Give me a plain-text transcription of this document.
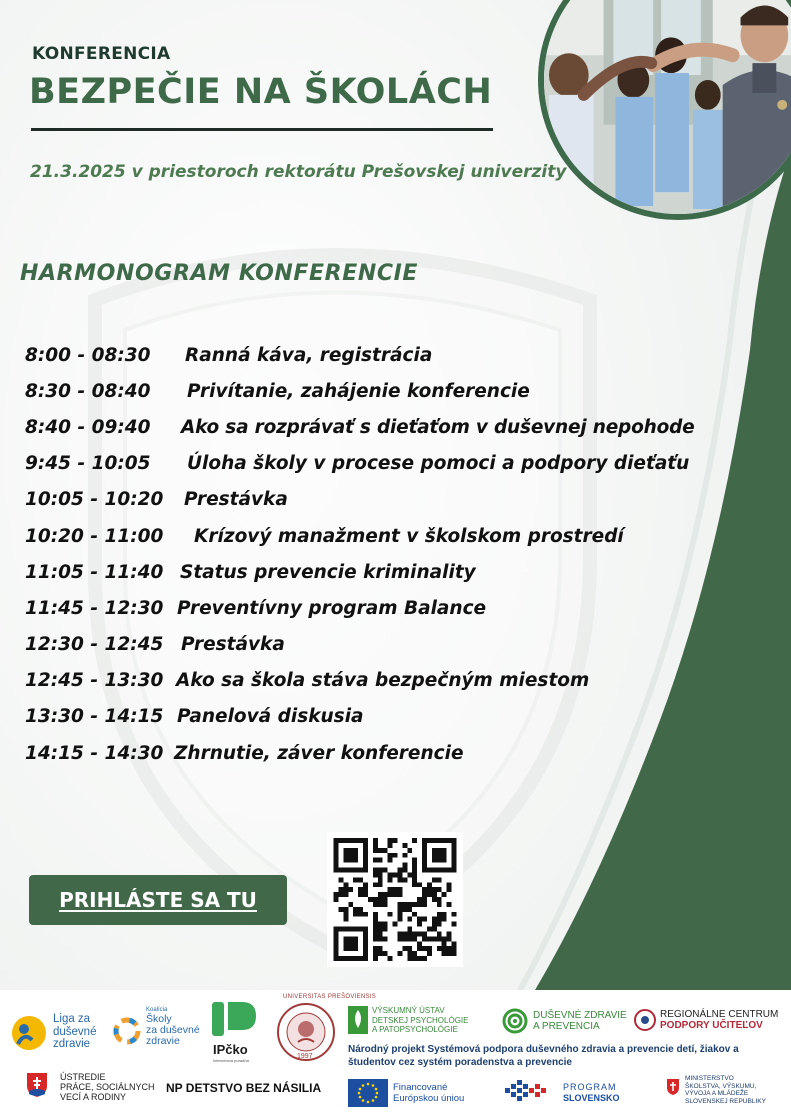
KONFERENCIA
BEZPEČIE NA ŠKOLÁCH
21.3.2025 v priestoroch rektorátu Prešovskej univerzity
HARMONOGRAM KONFERENCIE
8:00 - 08:30	Ranná káva, registrácia
8:30 - 08:40	Privítanie, zahájenie konferencie
8:40 - 09:40	Ako sa rozprávať s dieťaťom v duševnej nepohode
9:45 - 10:05	Úloha školy v procese pomoci a podpory dieťaťu
10:05 - 10:20	Prestávka
10:20 - 11:00	Krízový manažment v školskom prostredí
11:05 - 11:40 Status prevencie kriminality
11:45 - 12:30 Preventívny program Balance
12:30 - 12:45 Prestávka
12:45 - 13:30 Ako sa škola stáva bezpečným miestom
13:30 - 14:15 Panelová diskusia
14:15 - 14:30 Zhrnutie, záver konferencie
PRIHLÁSTE SA TU
Liga za
duševné
zdravie
Koalícia
Školy
za duševné
zdravie
IPčko
Internetová poradňa
UNIVERSITAS PREŠOVIENSIS
1997
VÝSKUMNÝ ÚSTAV
DETSKEJ PSYCHOLÓGIE
A PATOPSYCHOLÓGIE
DUŠEVNÉ ZDRAVIE
A PREVENCIA
REGIONÁLNE CENTRUM
PODPORY UČITEĽOV
Národný projekt Systémová podpora duševného zdravia a prevencie detí, žiakov a študentov cez systém poradenstva a prevencie
ÚSTREDIE
PRÁCE, SOCIÁLNYCH
VECÍ A RODINY
NP DETSTVO BEZ NÁSILIA	Financované
Európskou úniou
PROGRAM
SLOVENSKO
MINISTERSTVO
ŠKOLSTVA, VÝSKUMU,
VÝVOJA A MLÁDEŽE
SLOVENSKEJ REPUBLIKY
